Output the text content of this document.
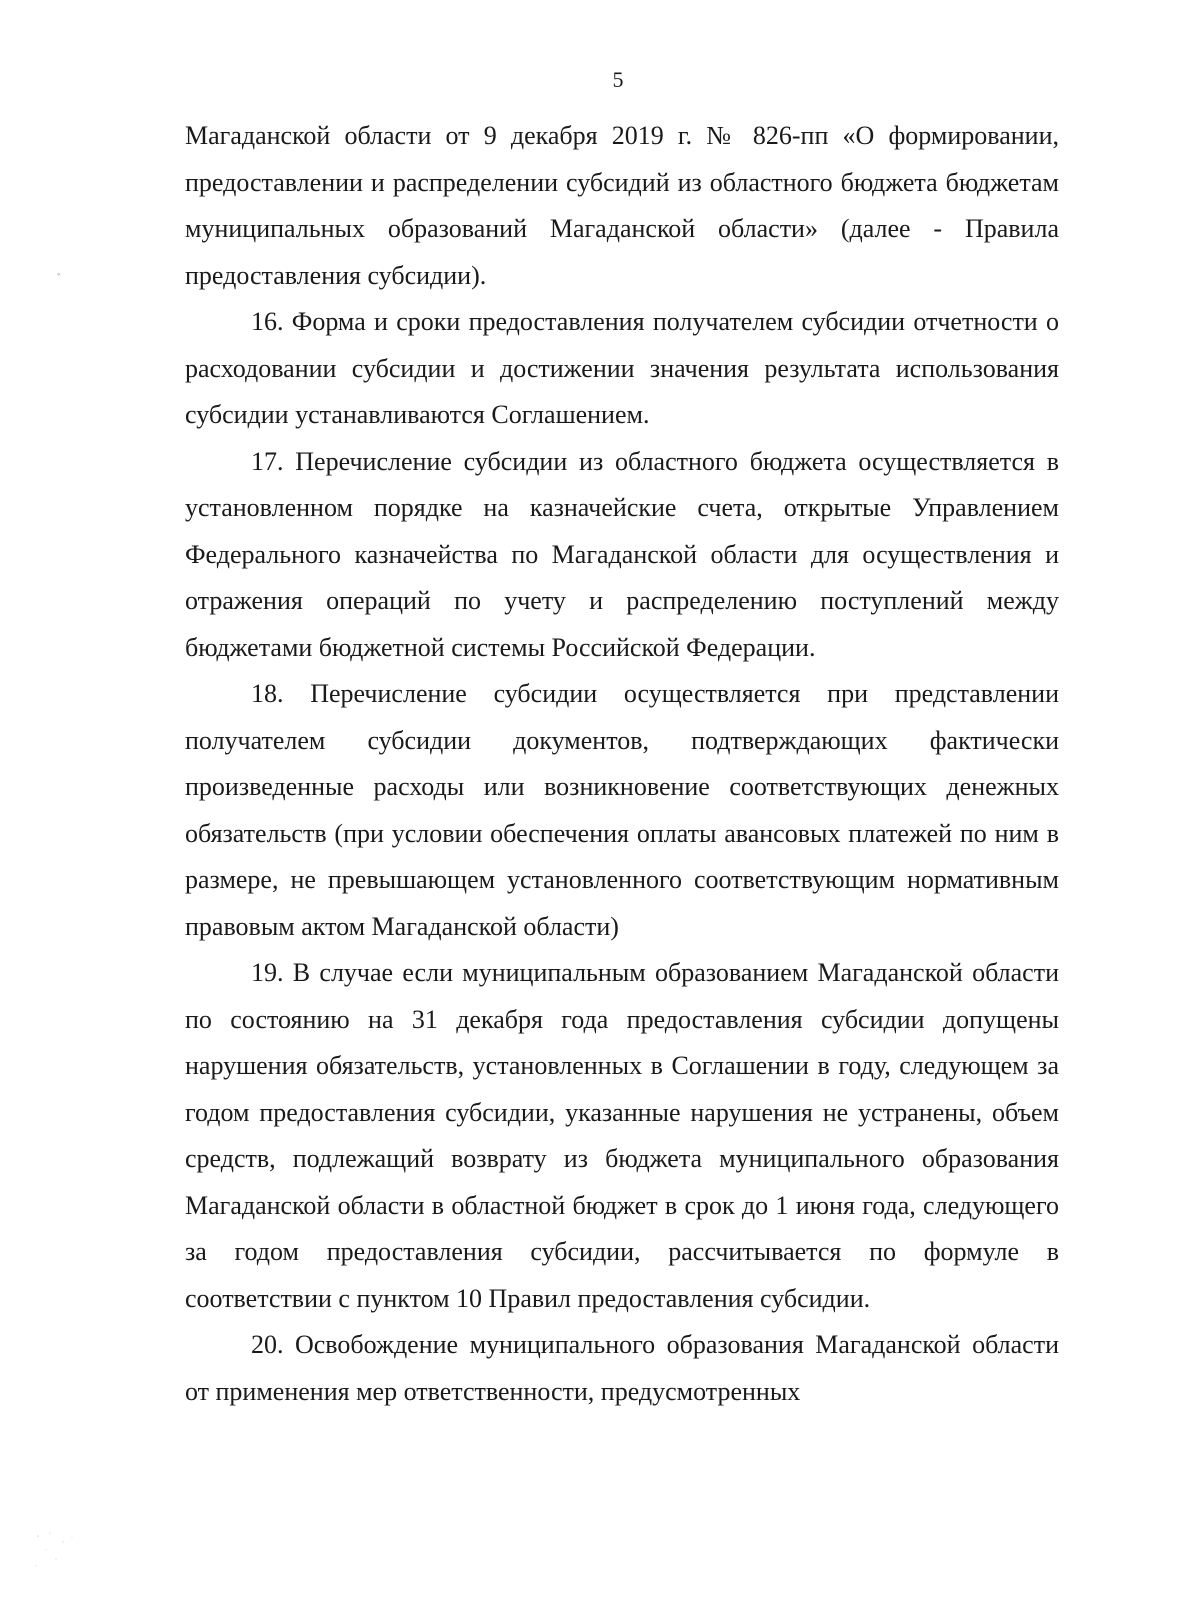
5
◦

Магаданской области от 9 декабря 2019 г. № 826-пп «О формировании, предоставлении и распределении субсидий из областного бюджета бюджетам муниципальных образований Магаданской области» (далее - Правила предоставления субсидии).

16. Форма и сроки предоставления получателем субсидии отчетности о расходовании субсидии и достижении значения результата использования субсидии устанавливаются Соглашением.

17. Перечисление субсидии из областного бюджета осуществляется в установленном порядке на казначейские счета, открытые Управлением Федерального казначейства по Магаданской области для осуществления и отражения операций по учету и распределению поступлений между бюджетами бюджетной системы Российской Федерации.

18. Перечисление субсидии осуществляется при представлении получателем субсидии документов, подтверждающих фактически произведенные расходы или возникновение соответствующих денежных обязательств (при условии обеспечения оплаты авансовых платежей по ним в размере, не превышающем установленного соответствующим нормативным правовым актом Магаданской области)

19. В случае если муниципальным образованием Магаданской области по состоянию на 31 декабря года предоставления субсидии допущены нарушения обязательств, установленных в Соглашении в году, следующем за годом предоставления субсидии, указанные нарушения не устранены, объем средств, подлежащий возврату из бюджета муниципального образования Магаданской области в областной бюджет в срок до 1 июня года, следующего за годом предоставления субсидии, рассчитывается по формуле в соответствии с пунктом 10 Правил предоставления субсидии.

20. Освобождение муниципального образования Магаданской области от применения мер ответственности, предусмотренных
